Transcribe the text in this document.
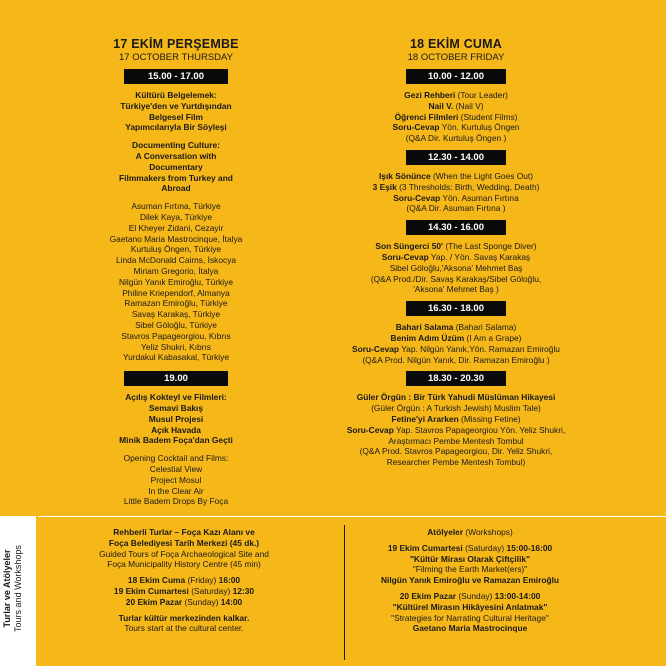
17 EKİM PERŞEMBE
17 OCTOBER THURSDAY
15.00 - 17.00
Kültürü Belgelemek:
Türkiye'den ve Yurtdışından Belgesel Film
Yapımcılarıyla Bir Söyleşi
Documenting Culture:
A Conversation with Documentary
Filmmakers from Turkey and Abroad
Asuman Fırtına, Türkiye
Dilek Kaya, Türkiye
El Kheyer Zidani, Cezayir
Gaetano Maria Mastrocinque, İtalya
Kurtuluş Öngen, Türkiye
Linda McDonald Cairns, İskocya
Miriam Gregorio, İtalya
Nilgün Yanık Emiroğlu, Türkiye
Philine Kriependorf, Almanya
Ramazan Emiroğlu, Türkiye
Savaş Karakaş, Türkiye
Sibel Göloğlu, Türkiye
Stavros Papageorgiou, Kıbrıs
Yeliz Shukri, Kıbrıs
Yurdakul Kabasakal, Türkiye
19.00
Açılış Kokteyl ve Filmleri:
Semavi Bakış
Musul Projesi
Açık Havada
Minik Badem Foça'dan Geçti
Opening Cocktail and Films:
Celestial View
Project Mosul
In the Clear Air
Little Badem Drops By Foça
18 EKİM CUMA
18 OCTOBER FRIDAY
10.00 - 12.00
Gezi Rehberi (Tour Leader)
Nail V. (Nail V)
Öğrenci Filmleri (Student Films)
Soru-Cevap Yön. Kurtuluş Öngen
(Q&A Dir. Kurtuluş Öngen )
12.30 - 14.00
Işık Sönünce (When the Light Goes Out)
3 Eşik (3 Thresholds: Birth, Wedding, Death)
Soru-Cevap Yön. Asuman Fırtına
(Q&A Dir. Asuman Fırtına )
14.30 - 16.00
Son Süngerci 50' (The Last Sponge Diver)
Soru-Cevap Yap. / Yön. Savaş Karakaş
Sibel Göloğlu,'Aksona' Mehmet Baş
(Q&A Prod./Dir. Savaş Karakaş/Sibel Göloğlu,
'Aksona' Mehmet Baş )
16.30 - 18.00
Bahari Salama (Bahari Salama)
Benim Adım Üzüm (I Am a Grape)
Soru-Cevap Yap. Nilgün Yanık,Yön. Ramazan Emiroğlu
(Q&A Prod. Nilgün Yanık, Dir. Ramazan Emiroğlu )
18.30 - 20.30
Güler Örgün : Bir Türk Yahudi Müslüman Hikayesi
(Güler Örgün : A Turkish Jewish) Muslim Tale)
Fetine'yi Ararken (Missing Fetine)
Soru-Cevap Yap. Stavros Papageorgiou Yön. Yeliz Shukri,
Araştırmacı Pembe Mentesh Tombul
(Q&A Prod. Stavros Papageorgiou, Dir. Yeliz Shukri,
Researcher Pembe Mentesh Tombul)
Turlar ve Atölyeler Tours and Workshops
Rehberli Turlar – Foça Kazı Alanı ve
Foça Belediyesi Tarih Merkezi (45 dk.)
Guided Tours of Foça Archaeological Site and
Foça Municipality History Centre (45 min)
18 Ekim Cuma (Friday) 16:00
19 Ekim Cumartesi (Saturday) 12:30
20 Ekim Pazar (Sunday) 14:00
Turlar kültür merkezinden kalkar.
Tours start at the cultural center.
Atölyeler (Workshops)
19 Ekim Cumartesi (Saturday) 15:00-16:00
"Kültür Mirası Olarak Çiftçilik"
"Filming the Earth Market(ers)"
Nilgün Yanık Emiroğlu ve Ramazan Emiroğlu
20 Ekim Pazar (Sunday) 13:00-14:00
"Kültürel Mirasın Hikâyesini Anlatmak"
"Strategies for Narrating Cultural Heritage"
Gaetano Maria Mastrocinque
